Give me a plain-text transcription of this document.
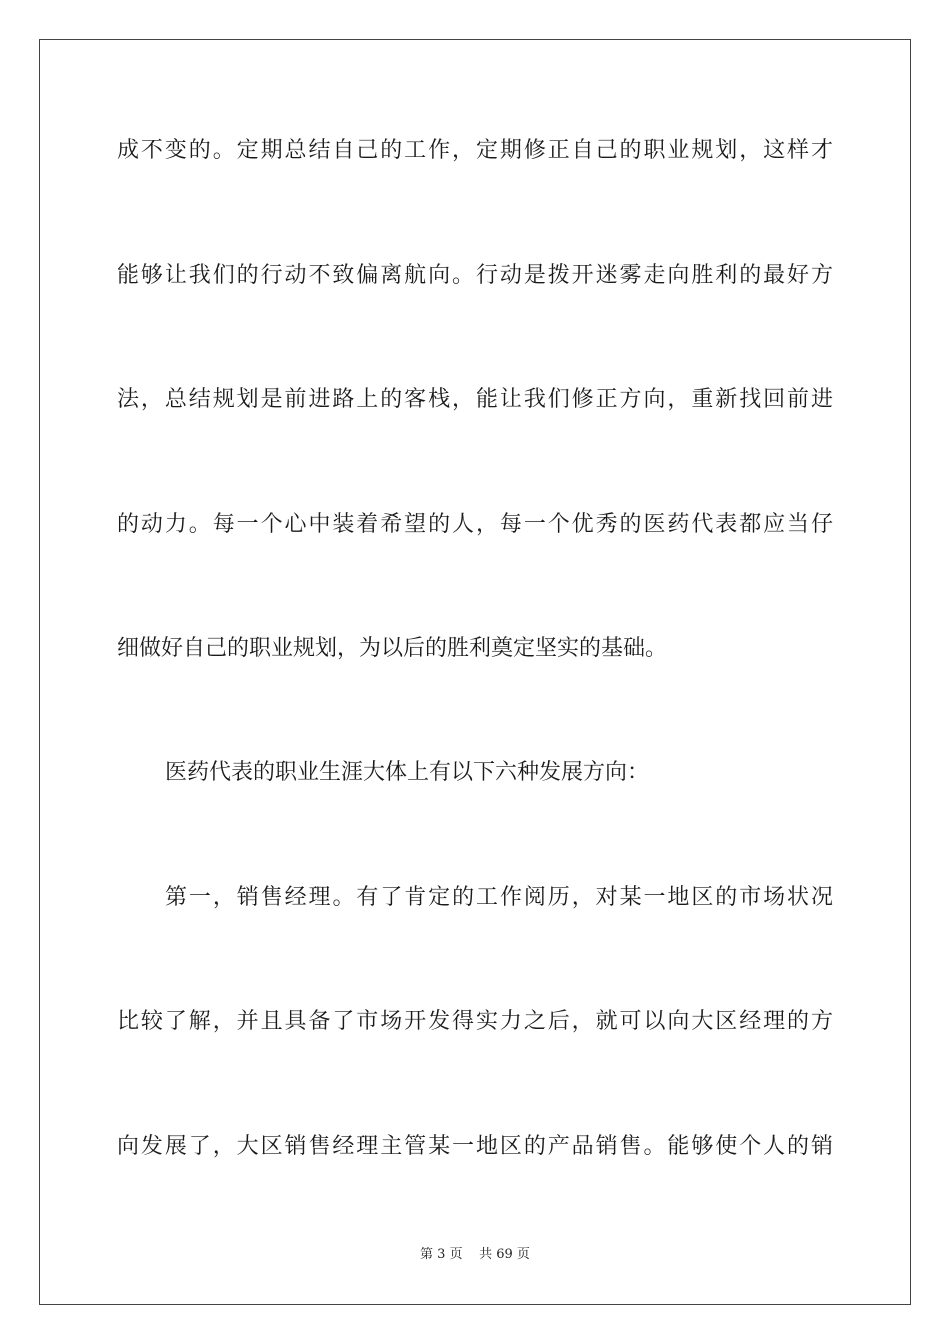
成不变的。定期总结自己的工作，定期修正自己的职业规划，这样才
能够让我们的行动不致偏离航向。行动是拨开迷雾走向胜利的最好方
法，总结规划是前进路上的客栈，能让我们修正方向，重新找回前进
的动力。每一个心中装着希望的人，每一个优秀的医药代表都应当仔
细做好自己的职业规划，为以后的胜利奠定坚实的基础。
医药代表的职业生涯大体上有以下六种发展方向：
第一，销售经理。有了肯定的工作阅历，对某一地区的市场状况
比较了解，并且具备了市场开发得实力之后，就可以向大区经理的方
向发展了，大区销售经理主管某一地区的产品销售。能够使个人的销
第 3 页 共 69 页
